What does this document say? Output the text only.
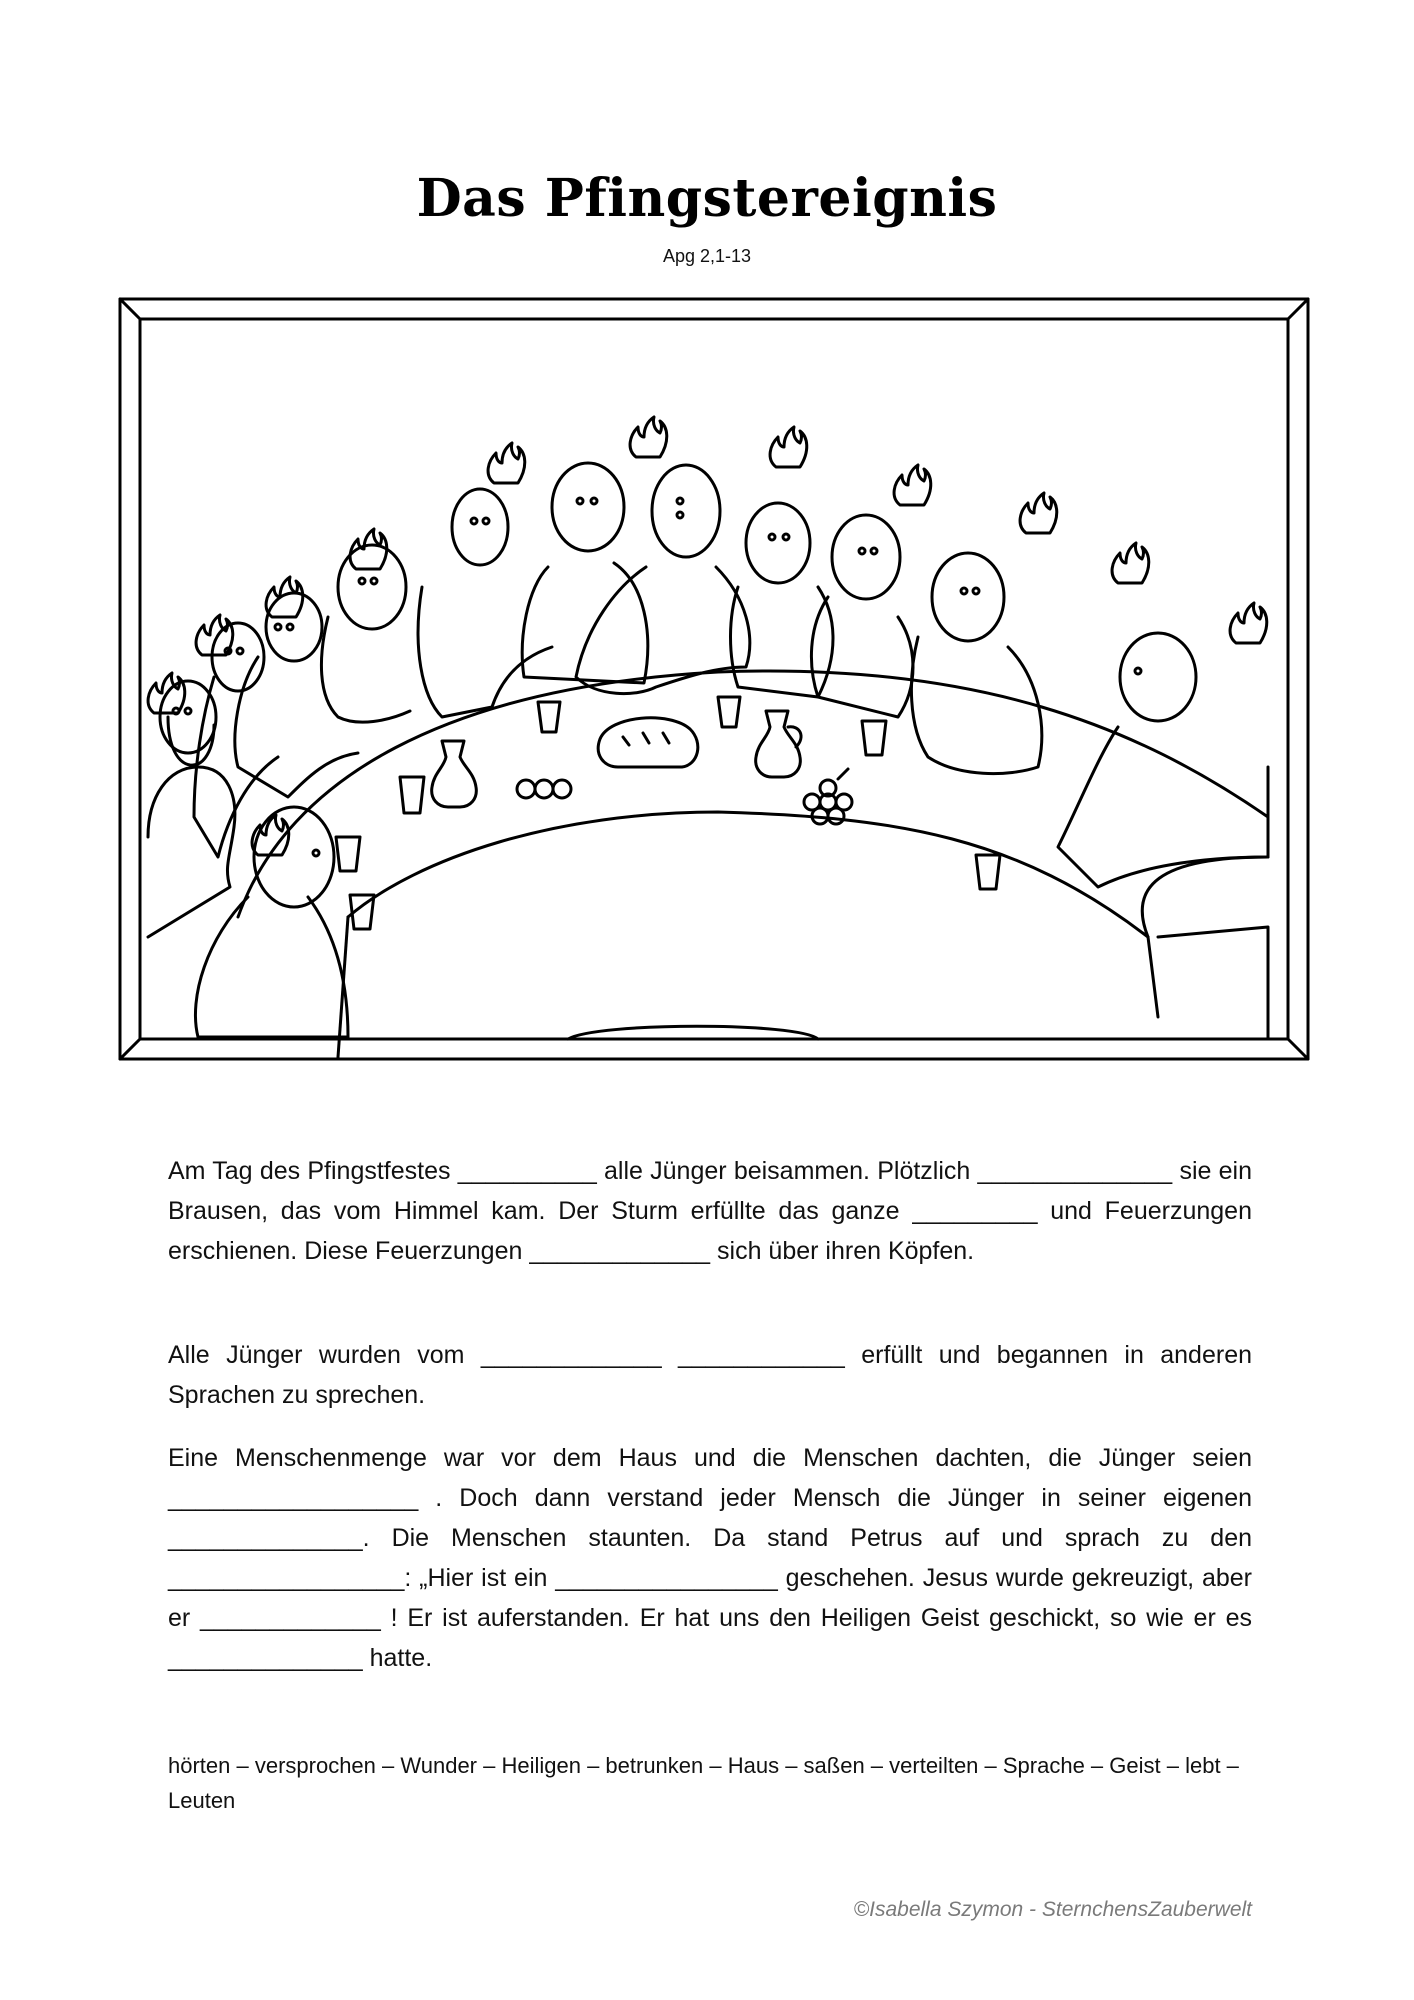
Das Pfingstereignis
Apg 2,1-13

Am Tag des Pfingstfestes __________ alle Jünger beisammen. Plötzlich ______________ sie ein Brausen, das vom Himmel kam. Der Sturm erfüllte das ganze _________ und Feuerzungen erschienen. Diese Feuerzungen _____________ sich über ihren Köpfen.

Alle Jünger wurden vom _____________ ____________ erfüllt und begannen in anderen Sprachen zu sprechen.

Eine Menschenmenge war vor dem Haus und die Menschen dachten, die Jünger seien __________________ . Doch dann verstand jeder Mensch die Jünger in seiner eigenen ______________. Die Menschen staunten. Da stand Petrus auf und sprach zu den _________________: „Hier ist ein ________________ geschehen. Jesus wurde gekreuzigt, aber er _____________ ! Er ist auferstanden. Er hat uns den Heiligen Geist geschickt, so wie er es ______________ hatte.

hörten – versprochen – Wunder – Heiligen – betrunken – Haus – saßen – verteilten – Sprache – Geist – lebt – Leuten
©Isabella Szymon - SternchensZauberwelt
